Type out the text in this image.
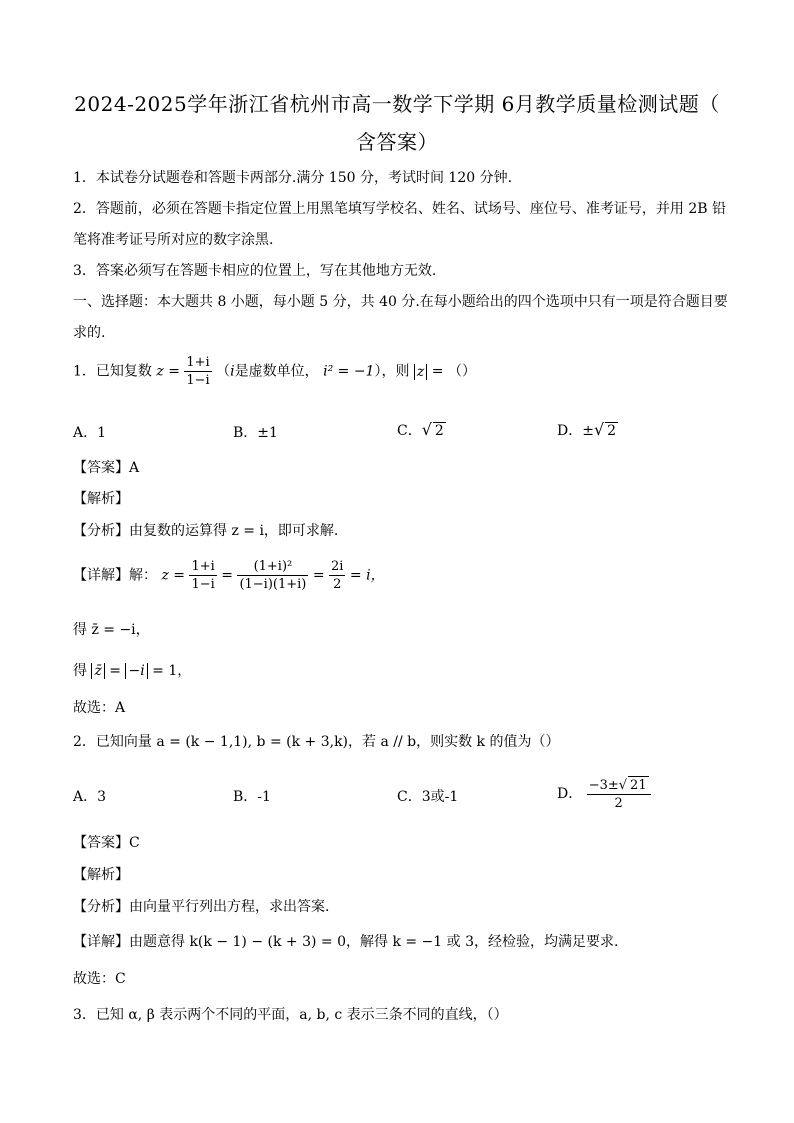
2024-2025学年浙江省杭州市高一数学下学期 6月教学质量检测试题（
含答案）
1．本试卷分试题卷和答题卡两部分.满分 150 分，考试时间 120 分钟.
2．答题前，必须在答题卡指定位置上用黑笔填写学校名、姓名、试场号、座位号、准考证号，并用 2B 铅
笔将准考证号所对应的数字涂黑.
3．答案必须写在答题卡相应的位置上，写在其他地方无效.
一、选择题：本大题共 8 小题，每小题 5 分，共 40 分.在每小题给出的四个选项中只有一项是符合题目要
求的.
1．已知复数 $z = \frac{1+i}{1-i} (i$是虚数单位， i² = −1），则 z = （）
A．1	B．±1	C．√ 2	D．±√ 2
【答案】A
【解析】
【分析】由复数的运算得 z = i，即可求解.
【详解】解： $z = \frac{1+i}{1-i} = \frac{\text{(1+i)²}}{(1-i)(1+i)} = \frac{2i}{2} = i$，
得 z̄ = −i，
得 z̄ = −i = 1，
故选：A
2．已知向量 a = (k − 1,1), b = (k + 3,k)，若 a // b，则实数 k 的值为（）
A．3	B．-1	C．3或-1	D． $\frac{-3\pm√ 21}{2}$
【答案】C
【解析】
【分析】由向量平行列出方程，求出答案.
【详解】由题意得 k(k − 1) − (k + 3) = 0，解得 k = −1 或 3，经检验，均满足要求.
故选：C
3．已知 α, β 表示两个不同的平面，a, b, c 表示三条不同的直线，（）
